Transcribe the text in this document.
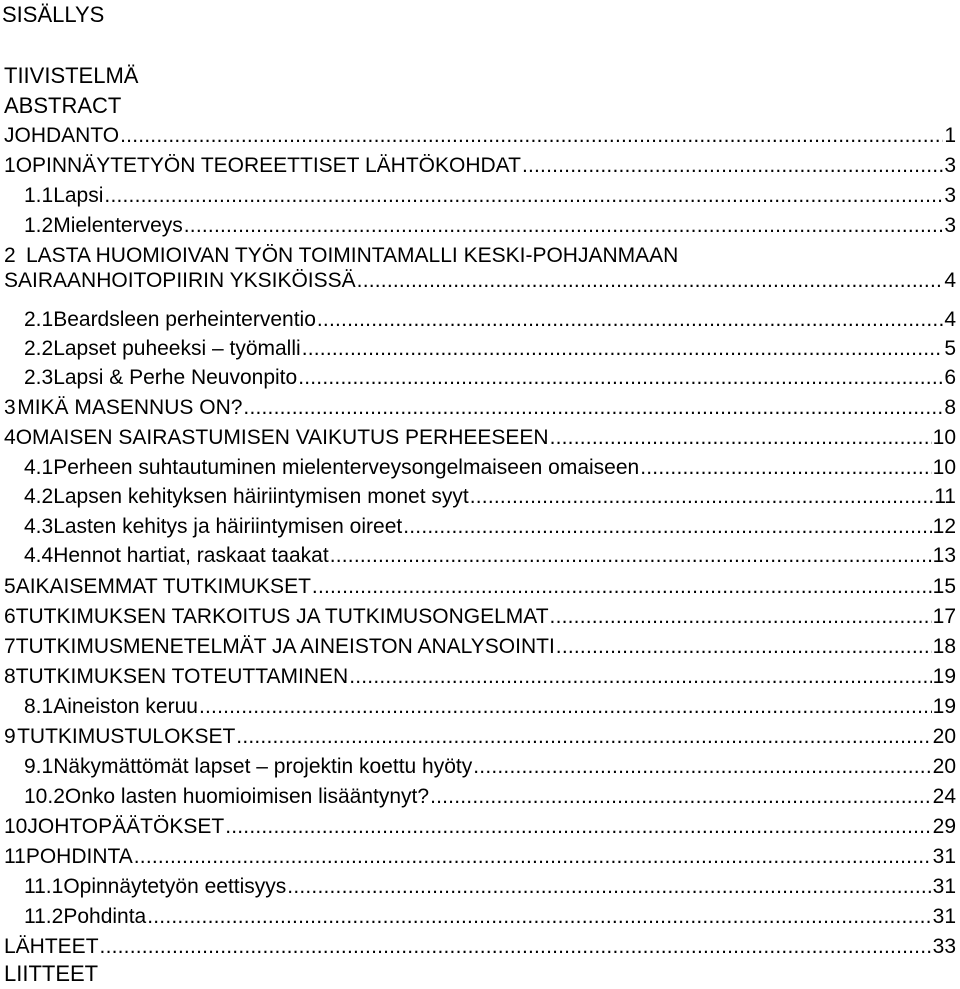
SISÄLLYS
TIIVISTELMÄ
ABSTRACT
JOHDANTO .....	1
1 OPINNÄYTETYÖN TEOREETTISET LÄHTÖKOHDAT .....	3
1.1 Lapsi .....	3
1.2 Mielenterveys .....	3
2 LASTA HUOMIOIVAN TYÖN TOIMINTAMALLI KESKI-POHJANMAAN
SAIRAANHOITOPIIRIN YKSIKÖISSÄ .....	4
2.1 Beardsleen perheinterventio .....	4
2.2 Lapset puheeksi – työmalli .....	5
2.3 Lapsi & Perhe Neuvonpito .....	6
3 MIKÄ MASENNUS ON? .....	8
4 OMAISEN SAIRASTUMISEN VAIKUTUS PERHEESEEN .....	10
4.1 Perheen suhtautuminen mielenterveysongelmaiseen omaiseen .....	10
4.2 Lapsen kehityksen häiriintymisen monet syyt .....	11
4.3 Lasten kehitys ja häiriintymisen oireet .....	12
4.4 Hennot hartiat, raskaat taakat .....	13
5 AIKAISEMMAT TUTKIMUKSET .....	15
6 TUTKIMUKSEN TARKOITUS JA TUTKIMUSONGELMAT .....	17
7 TUTKIMUSMENETELMÄT JA AINEISTON ANALYSOINTI .....	18
8 TUTKIMUKSEN TOTEUTTAMINEN .....	19
8.1 Aineiston keruu .....	19
9 TUTKIMUSTULOKSET .....	20
9.1 Näkymättömät lapset – projektin koettu hyöty .....	20
10.2 Onko lasten huomioimisen lisääntynyt? .....	24
10 JOHTOPÄÄTÖKSET .....	29
11 POHDINTA .....	31
11.1 Opinnäytetyön eettisyys .....	31
11.2 Pohdinta .....	31
LÄHTEET .....	33
LIITTEET
